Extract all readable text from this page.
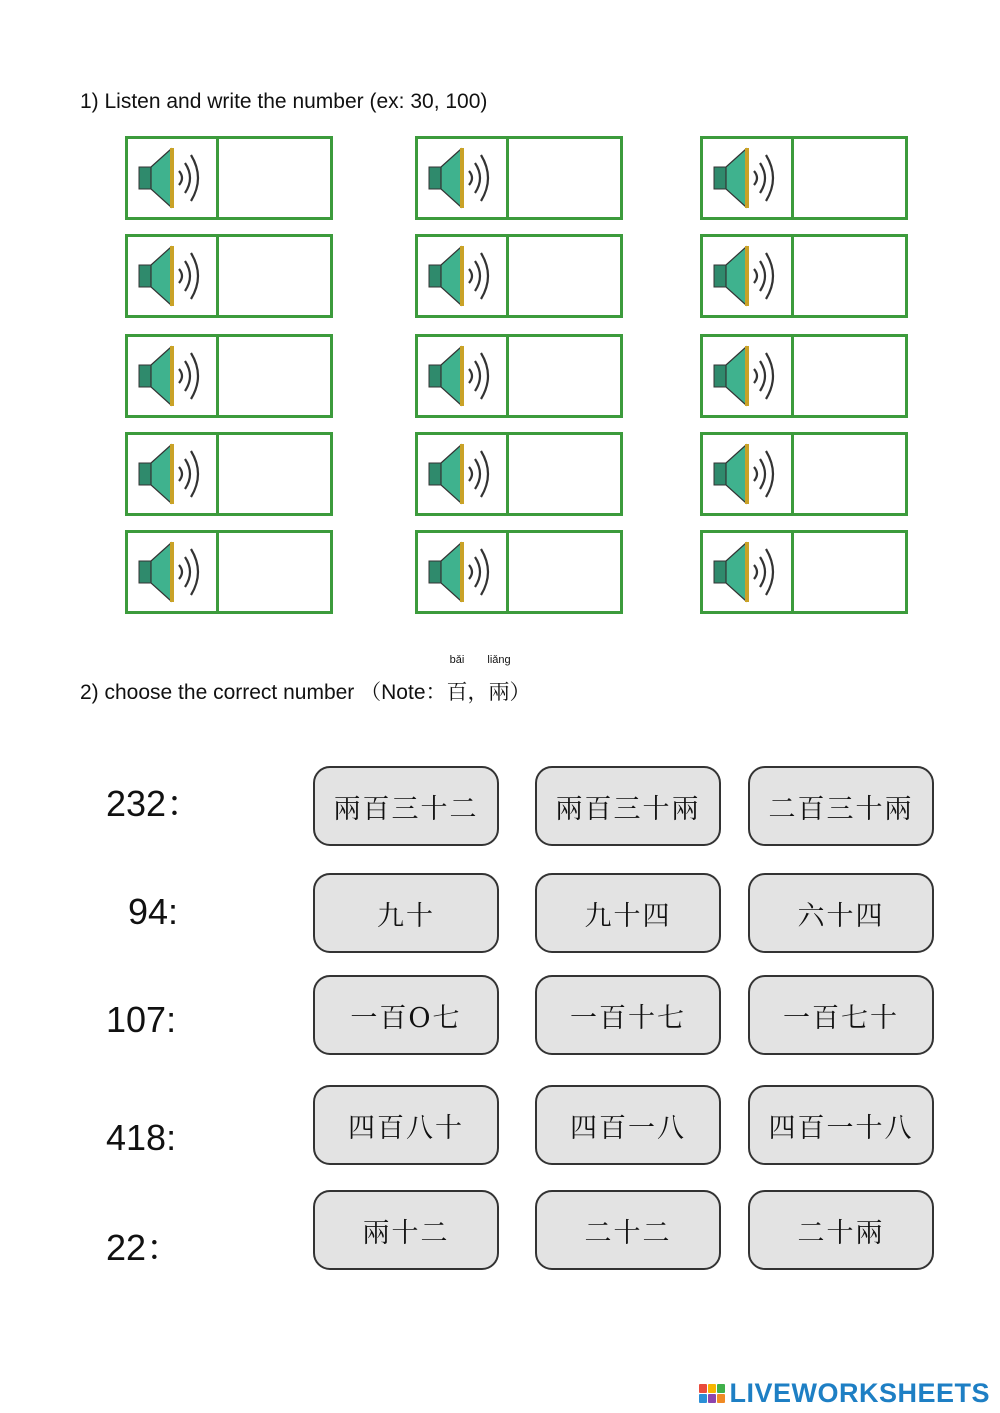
1) Listen and write the number (ex: 30, 100)
2) choose the correct number （Note：
bǎi
百，
liǎng
兩）
232：	兩百三十二	兩百三十兩	二百三十兩
94:	九十	九十四	六十四
107:	一百O七	一百十七	一百七十
418:	四百八十	四百一八	四百一十八
22：	兩十二	二十二	二十兩
LIVEWORKSHEETS
